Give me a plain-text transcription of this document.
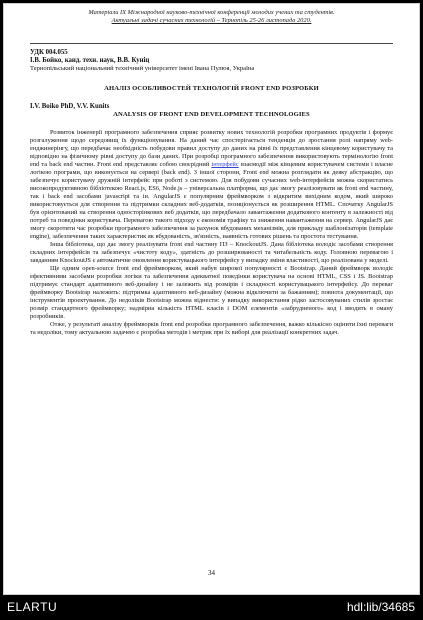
Матеріали IX Міжнародної науково-технічної конференції молодих учених та студентів.
Актуальні задачі сучасних технологій – Тернопіль 25-26 листопада 2020.
УДК 004.055
І.В. Бойко, канд. техн. наук, В.В. Куніц
Тернопільський національний технічний університет імені Івана Пулюя, Україна
АНАЛІЗ ОСОБЛИВОСТЕЙ ТЕХНОЛОГІЙ FRONT END РОЗРОБКИ
I.V. Boiko PhD, V.V. Kunits
ANALYSIS OF FRONT END DEVELOPMENT TECHNOLOGIES

Розвиток інженерії програмного забезпечення сприяє розвитку нових технологій розробки програмних продуктів і формує розгалуження щодо середовищ їх функціонування. На даний час спостерігається тенденція до зростання ролі напряму web-енджинерінгу, що передбачає необхідність побудови правил доступу до даних на рівні їх представлення кінцевому користувачу та відповідно на фізичному рівні доступу до бази даних. При розробці програмного забезпечення використовують термінологію front end та back end частин. Front end представляє собою своєрідний інтерфейс взаємодії між кінцевим користувачем системи і власне логікою програми, що виконується на сервері (back end). З іншої сторони, Front end можна розглядати як деяку абстракцію, що забезпечує користувачу дружній інтерфейс при роботі з системою. Для побудови сучасних web-інтерфейсів можна скористатись високопродуктивною бібліотекою React.js, ES6, Node.js – універсальна платформа, що дає змогу реалізовувати як front end частину, так і back end засобами javascript та ін. AngularJS є популярним фреймворком з відкритим вихідним кодом, який широко використовується для створення та підтримки складних веб-додатків, позиціонується як розширення HTML. Спочатку AngularJS був орієнтований на створення односторінкових веб додатків, що передбачало завантаження додаткового контенту в залежності від потреб та поведінки користувача. Перевагою такого підходу є економія трафіку та зниження навантаження на сервер. AngularJS дає змогу скоротити час розробки програмного забезпечення за рахунок вбудованих механізмів, для прикладу шаблонізаторів (template engine), забезпечення таких характеристик як вбудованість, зв'язність, наявність готових рішень та простота тестування.

Інша бібліотека, що дає змогу реалізувати front end частину ПЗ – KnockoutJS. Дана бібліотека володіє засобами створення складних інтерфейсів та забезпечує «чистоту коду», здатність до розширюваності та читабельність коду. Головною перевагою і завданням KnockoutJS є автоматичне оновлення користувацького інтерфейсу у випадку зміни властивості, що реалізована у моделі.

Ще одним open-source front end фреймворком, який набув широкої популярності є Bootstrap. Даний фреймворк володіє ефективними засобами розробки логіки та забезпечення адекватної поведінки користувача на основі HTML, CSS і JS. Bootstrap підтримує стандарт адаптивного веб-дизайну і не залежить від розмірів і складності користувацького інтерфейсу. До переваг фреймворку Bootstrap належить: підтримка адаптивного веб-дизайну (можна відключити за бажанням); повнота документації, що інструментів проектування. До недоліків Bootstrap можна віднести: у випадку використання рідко застосовуваних стилів зростає розмір стандартного фреймворку; надмірна кількість HTML класів і DOM елементів «забрудненого» код і вводить в оману розробників.

Отже, у результаті аналізу фреймворків front end розробки програмного забезпечення, важко кількісно оцінити їхні переваги та недоліки, тому актуальною задачею є розробка методів і метрик при їх виборі для реалізації конкретних задач.

34
ELARTU	hdl:lib/34685
